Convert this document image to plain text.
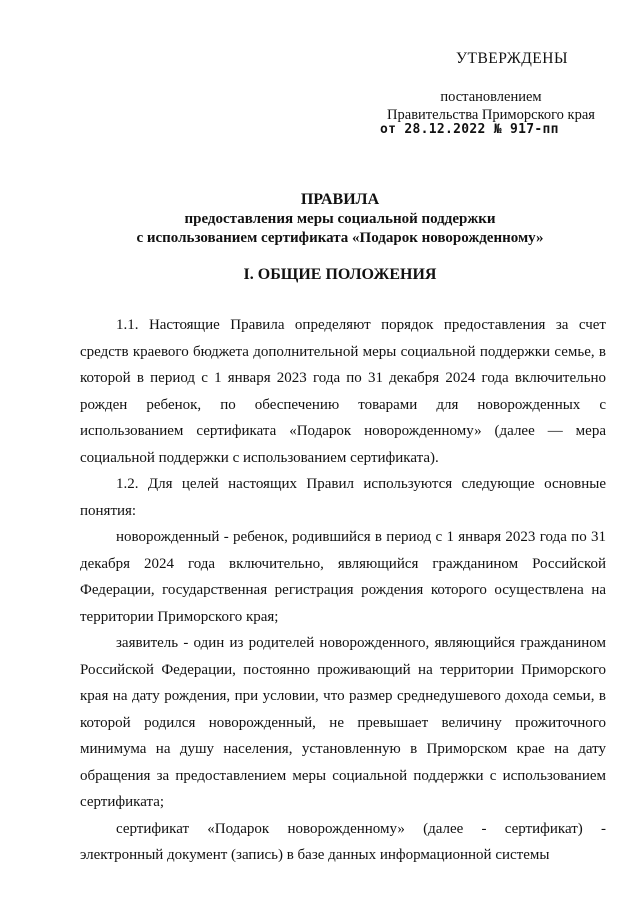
УТВЕРЖДЕНЫ
постановлением
Правительства Приморского края
от 28.12.2022 № 917-пп
ПРАВИЛА
предоставления меры социальной поддержки
с использованием сертификата «Подарок новорожденному»
I. ОБЩИЕ ПОЛОЖЕНИЯ

1.1. Настоящие Правила определяют порядок предоставления за счет средств краевого бюджета дополнительной меры социальной поддержки семье, в которой в период с 1 января 2023 года по 31 декабря 2024 года включительно рожден ребенок, по обеспечению товарами для новорожденных с использованием сертификата «Подарок новорожденному» (далее — мера социальной поддержки с использованием сертификата).

1.2. Для целей настоящих Правил используются следующие основные понятия:

новорожденный - ребенок, родившийся в период с 1 января 2023 года по 31 декабря 2024 года включительно, являющийся гражданином Российской Федерации, государственная регистрация рождения которого осуществлена на территории Приморского края;

заявитель - один из родителей новорожденного, являющийся гражданином Российской Федерации, постоянно проживающий на территории Приморского края на дату рождения, при условии, что размер среднедушевого дохода семьи, в которой родился новорожденный, не превышает величину прожиточного минимума на душу населения, установленную в Приморском крае на дату обращения за предоставлением меры социальной поддержки с использованием сертификата;

сертификат «Подарок новорожденному» (далее - сертификат) - электронный документ (запись) в базе данных информационной системы
